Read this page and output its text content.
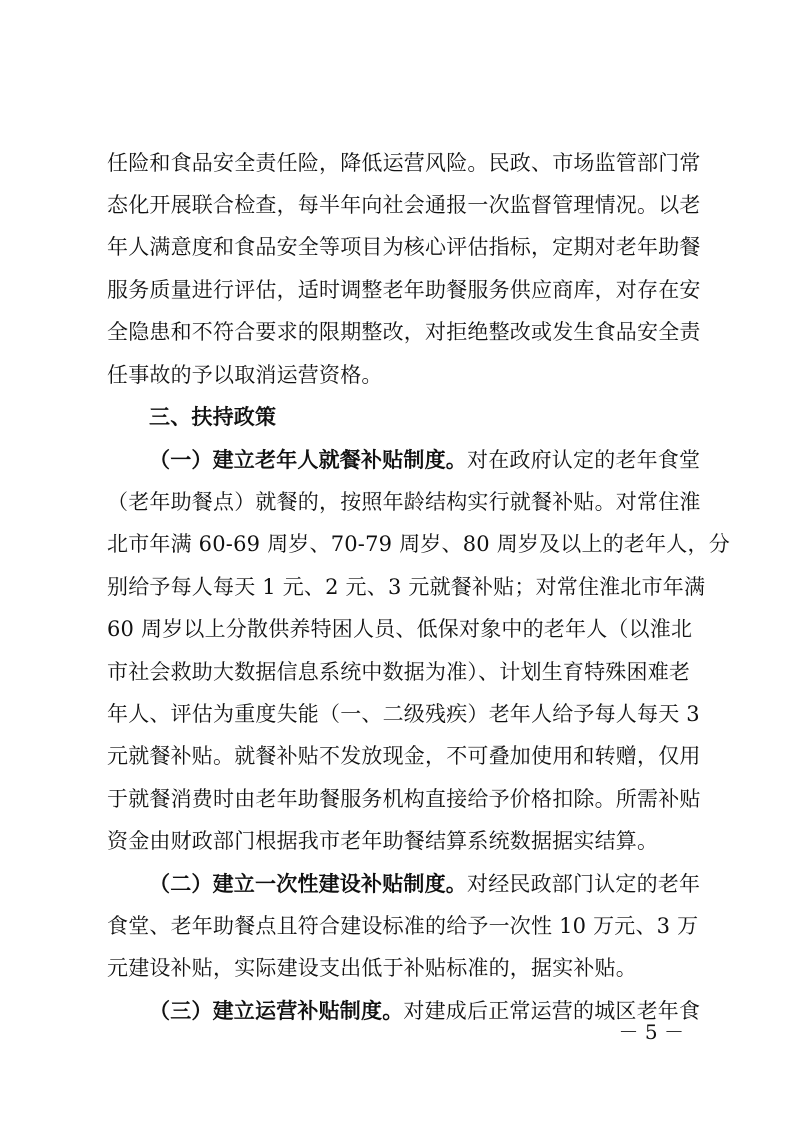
任险和食品安全责任险，降低运营风险。民政、市场监管部门常
态化开展联合检查，每半年向社会通报一次监督管理情况。以老
年人满意度和食品安全等项目为核心评估指标，定期对老年助餐
服务质量进行评估，适时调整老年助餐服务供应商库，对存在安
全隐患和不符合要求的限期整改，对拒绝整改或发生食品安全责
任事故的予以取消运营资格。
三、扶持政策
（一）建立老年人就餐补贴制度。对在政府认定的老年食堂
（老年助餐点）就餐的，按照年龄结构实行就餐补贴。对常住淮
北市年满 60-69 周岁、70-79 周岁、80 周岁及以上的老年人，分
别给予每人每天 1 元、2 元、3 元就餐补贴；对常住淮北市年满
60 周岁以上分散供养特困人员、低保对象中的老年人（以淮北
市社会救助大数据信息系统中数据为准）、计划生育特殊困难老
年人、评估为重度失能（一、二级残疾）老年人给予每人每天 3
元就餐补贴。就餐补贴不发放现金，不可叠加使用和转赠，仅用
于就餐消费时由老年助餐服务机构直接给予价格扣除。所需补贴
资金由财政部门根据我市老年助餐结算系统数据据实结算。
（二）建立一次性建设补贴制度。对经民政部门认定的老年
食堂、老年助餐点且符合建设标准的给予一次性 10 万元、3 万
元建设补贴，实际建设支出低于补贴标准的，据实补贴。
（三）建立运营补贴制度。对建成后正常运营的城区老年食
－ 5 －
